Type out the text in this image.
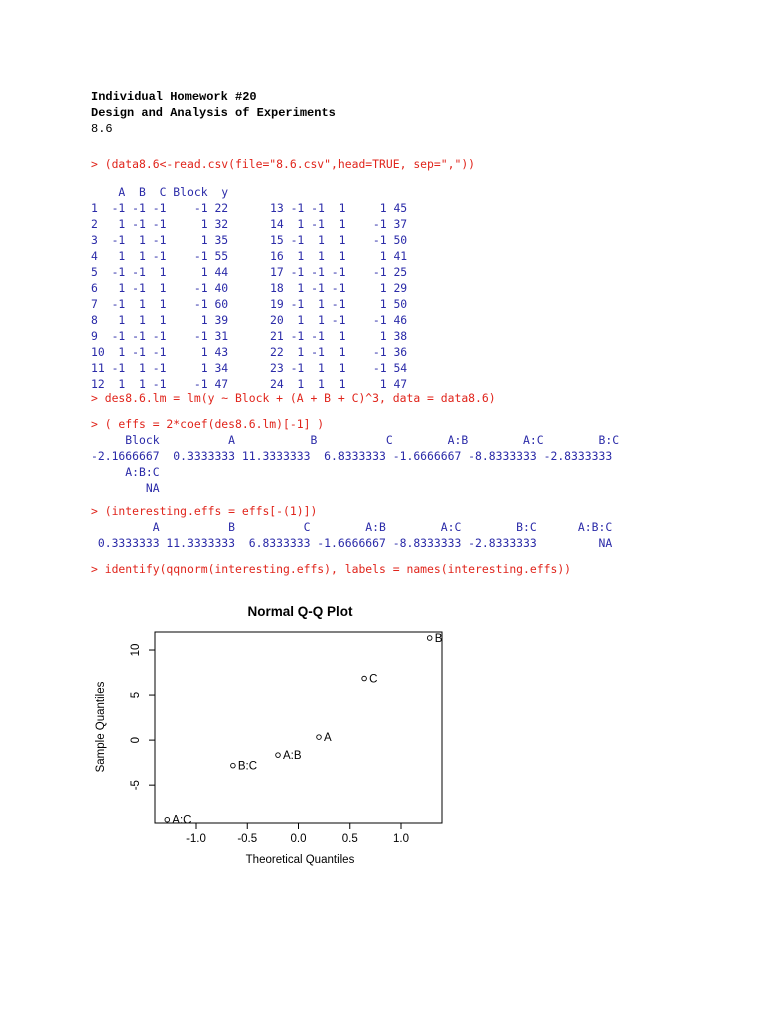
Individual Homework #20
Design and Analysis of Experiments
8.6
> (data8.6<-read.csv(file="8.6.csv",head=TRUE, sep=","))
A  B  C Block  y
1  -1 -1 -1    -1 22
2   1 -1 -1     1 32
3  -1  1 -1     1 35
4   1  1 -1    -1 55
5  -1 -1  1     1 44
6   1 -1  1    -1 40
7  -1  1  1    -1 60
8   1  1  1     1 39
9  -1 -1 -1    -1 31
10  1 -1 -1     1 43
11 -1  1 -1     1 34
12  1  1 -1    -1 47
13 -1 -1  1     1 45
14  1 -1  1    -1 37
15 -1  1  1    -1 50
16  1  1  1     1 41
17 -1 -1 -1    -1 25
18  1 -1 -1     1 29
19 -1  1 -1     1 50
20  1  1 -1    -1 46
21 -1 -1  1     1 38
22  1 -1  1    -1 36
23 -1  1  1    -1 54
24  1  1  1     1 47
> des8.6.lm = lm(y ~ Block + (A + B + C)^3, data = data8.6)
> ( effs = 2*coef(des8.6.lm)[-1] )
Block          A           B          C        A:B        A:C        B:C
-2.1666667  0.3333333 11.3333333  6.8333333 -1.6666667 -8.8333333 -2.8333333
A:B:C
NA
> (interesting.effs = effs[-(1)])
A          B          C        A:B        A:C        B:C      A:B:C
0.3333333 11.3333333  6.8333333 -1.6666667 -8.8333333 -2.8333333         NA
> identify(qqnorm(interesting.effs), labels = names(interesting.effs))
Normal Q-Q Plot
-1.0	-0.5	0.0	0.5	1.0
-5
0
5
10
A:C
B:C
A:B
A
C
B
Theoretical Quantiles
Sample Quantiles
